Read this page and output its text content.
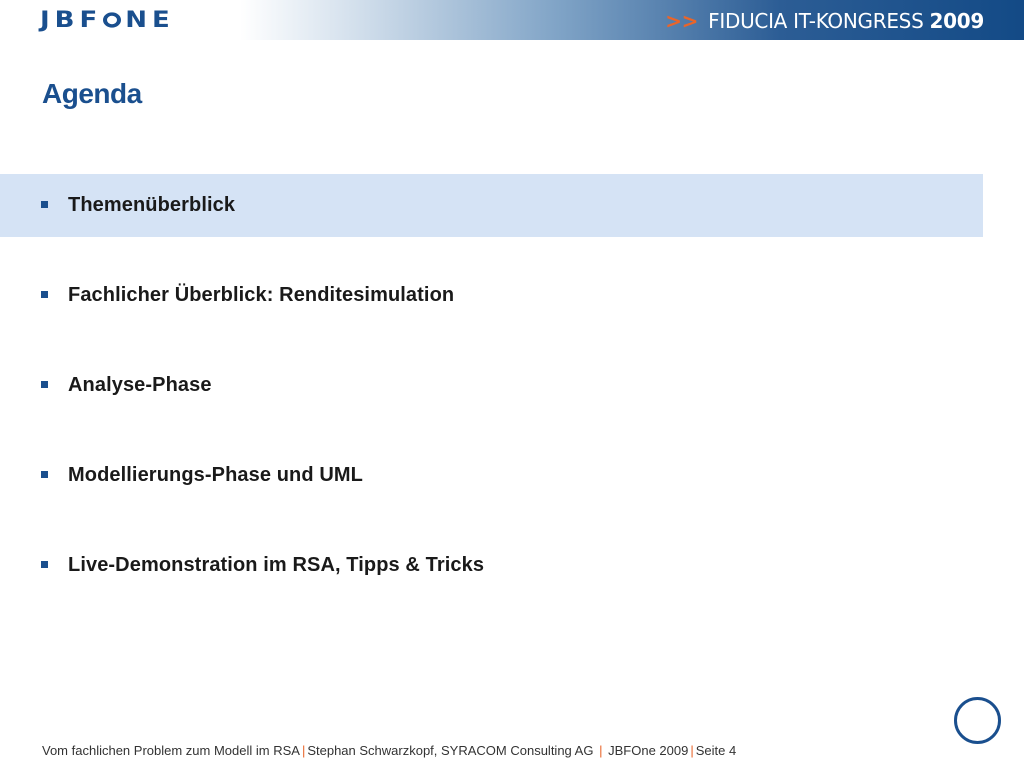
JBF NE	>> FIDUCIA IT-KONGRESS 2009
Agenda
Themenüberblick
Fachlicher Überblick: Renditesimulation
Analyse-Phase
Modellierungs-Phase und UML
Live-Demonstration im RSA, Tipps & Tricks
Vom fachlichen Problem zum Modell im RSA | Stephan Schwarzkopf, SYRACOM Consulting AG | JBFOne 2009 | Seite 4
